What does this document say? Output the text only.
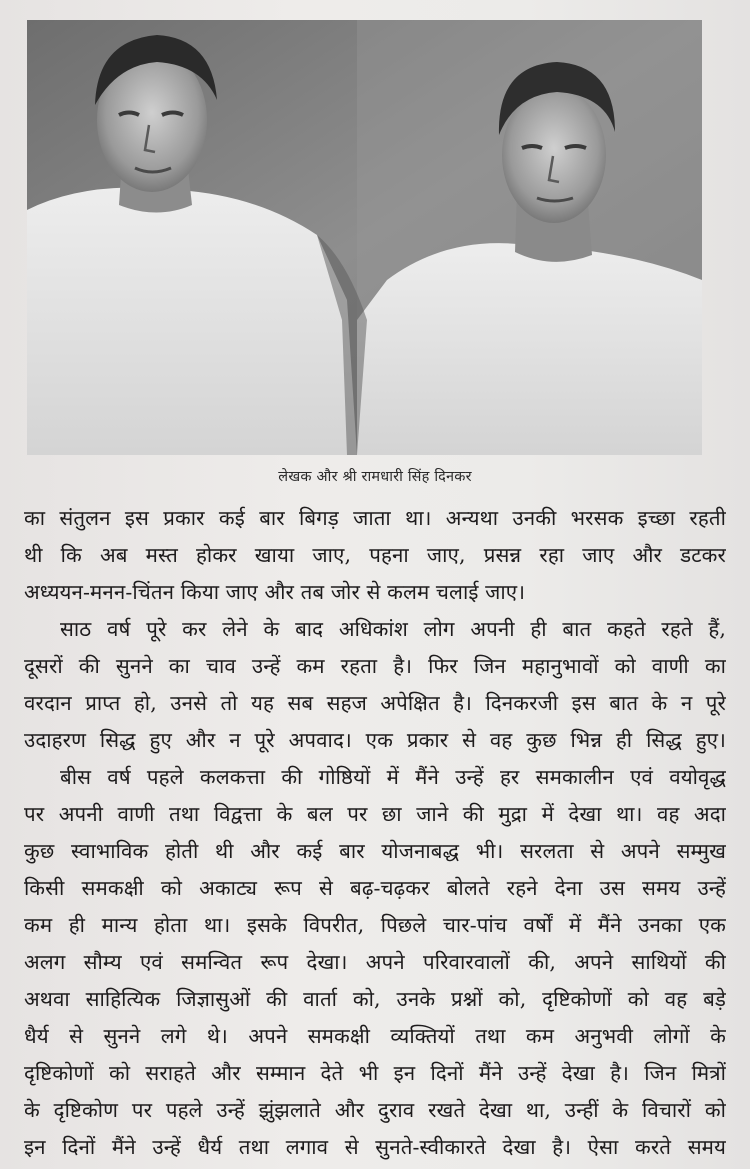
लेखक और श्री रामधारी सिंह दिनकर
का संतुलन इस प्रकार कई बार बिगड़ जाता था। अन्यथा उनकी भरसक इच्छा रहती
थी कि अब मस्त होकर खाया जाए, पहना जाए, प्रसन्न रहा जाए और डटकर
अध्ययन-मनन-चिंतन किया जाए और तब जोर से कलम चलाई जाए।
साठ वर्ष पूरे कर लेने के बाद अधिकांश लोग अपनी ही बात कहते रहते हैं,
दूसरों की सुनने का चाव उन्हें कम रहता है। फिर जिन महानुभावों को वाणी का
वरदान प्राप्त हो, उनसे तो यह सब सहज अपेक्षित है। दिनकरजी इस बात के न पूरे
उदाहरण सिद्ध हुए और न पूरे अपवाद। एक प्रकार से वह कुछ भिन्न ही सिद्ध हुए।
बीस वर्ष पहले कलकत्ता की गोष्ठियों में मैंने उन्हें हर समकालीन एवं वयोवृद्ध
पर अपनी वाणी तथा विद्वत्ता के बल पर छा जाने की मुद्रा में देखा था। वह अदा
कुछ स्वाभाविक होती थी और कई बार योजनाबद्ध भी। सरलता से अपने सम्मुख
किसी समकक्षी को अकाट्य रूप से बढ़-चढ़कर बोलते रहने देना उस समय उन्हें
कम ही मान्य होता था। इसके विपरीत, पिछले चार-पांच वर्षों में मैंने उनका एक
अलग सौम्य एवं समन्वित रूप देखा। अपने परिवारवालों की, अपने साथियों की
अथवा साहित्यिक जिज्ञासुओं की वार्ता को, उनके प्रश्नों को, दृष्टिकोणों को वह बड़े
धैर्य से सुनने लगे थे। अपने समकक्षी व्यक्तियों तथा कम अनुभवी लोगों के
दृष्टिकोणों को सराहते और सम्मान देते भी इन दिनों मैंने उन्हें देखा है। जिन मित्रों
के दृष्टिकोण पर पहले उन्हें झुंझलाते और दुराव रखते देखा था, उन्हीं के विचारों को
इन दिनों मैंने उन्हें धैर्य तथा लगाव से सुनते-स्वीकारते देखा है। ऐसा करते समय
